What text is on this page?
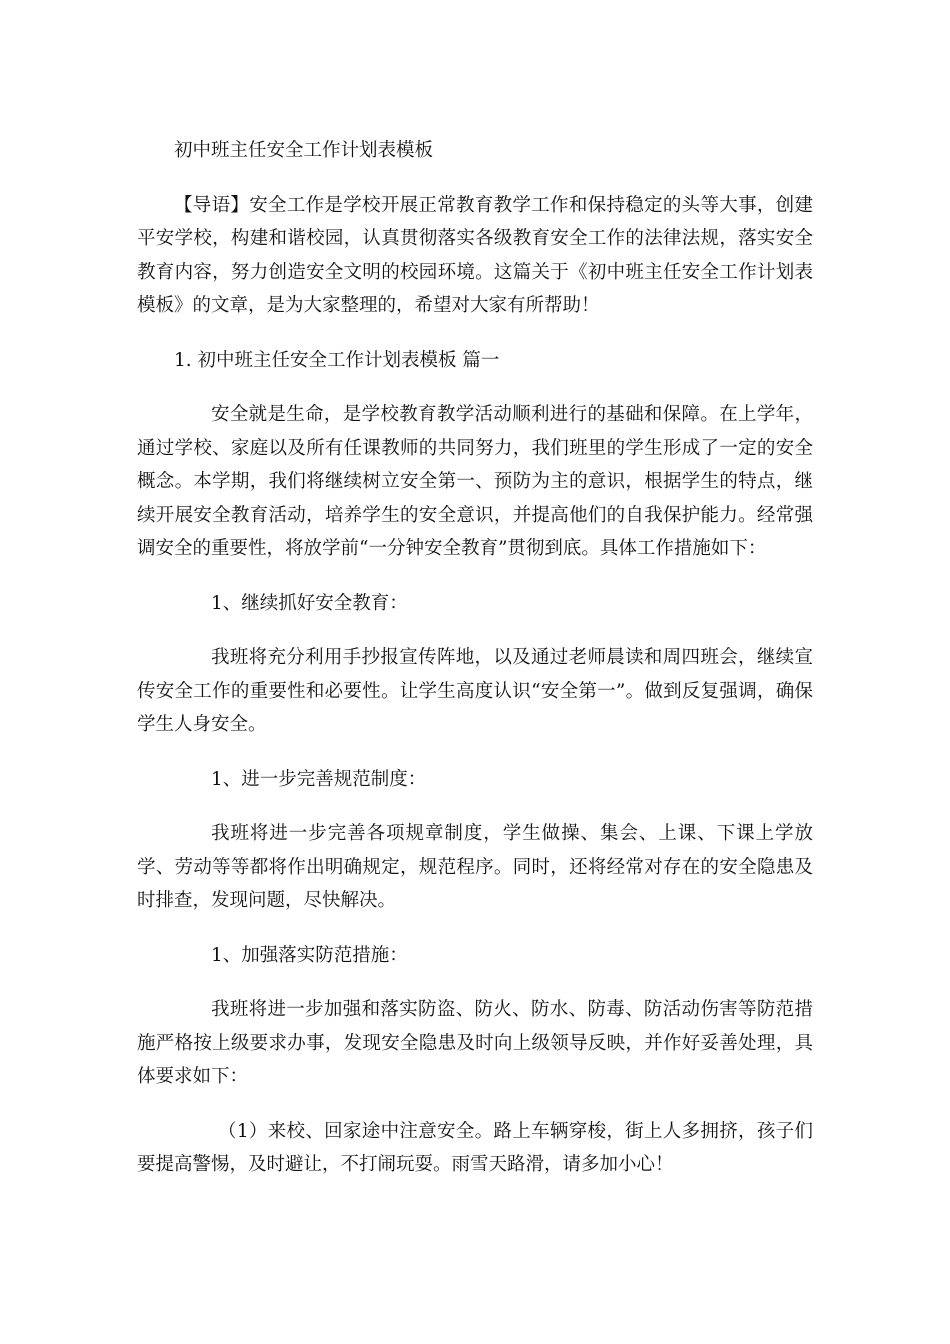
初中班主任安全工作计划表模板

【导语】安全工作是学校开展正常教育教学工作和保持稳定的头等大事，创建平安学校，构建和谐校园，认真贯彻落实各级教育安全工作的法律法规，落实安全教育内容，努力创造安全文明的校园环境。这篇关于《初中班主任安全工作计划表模板》的文章，是为大家整理的，希望对大家有所帮助！

1. 初中班主任安全工作计划表模板 篇一

安全就是生命，是学校教育教学活动顺利进行的基础和保障。在上学年，通过学校、家庭以及所有任课教师的共同努力，我们班里的学生形成了一定的安全概念。本学期，我们将继续树立安全第一、预防为主的意识，根据学生的特点，继续开展安全教育活动，培养学生的安全意识，并提高他们的自我保护能力。经常强调安全的重要性，将放学前“一分钟安全教育”贯彻到底。具体工作措施如下：

1、继续抓好安全教育：

我班将充分利用手抄报宣传阵地，以及通过老师晨读和周四班会，继续宣传安全工作的重要性和必要性。让学生高度认识“安全第一”。做到反复强调，确保学生人身安全。

1、进一步完善规范制度：

我班将进一步完善各项规章制度，学生做操、集会、上课、下课上学放学、劳动等等都将作出明确规定，规范程序。同时，还将经常对存在的安全隐患及时排查，发现问题，尽快解决。

1、加强落实防范措施：

我班将进一步加强和落实防盗、防火、防水、防毒、防活动伤害等防范措施严格按上级要求办事，发现安全隐患及时向上级领导反映，并作好妥善处理，具体要求如下：

（1）来校、回家途中注意安全。路上车辆穿梭，街上人多拥挤，孩子们要提高警惕，及时避让，不打闹玩耍。雨雪天路滑，请多加小心！
